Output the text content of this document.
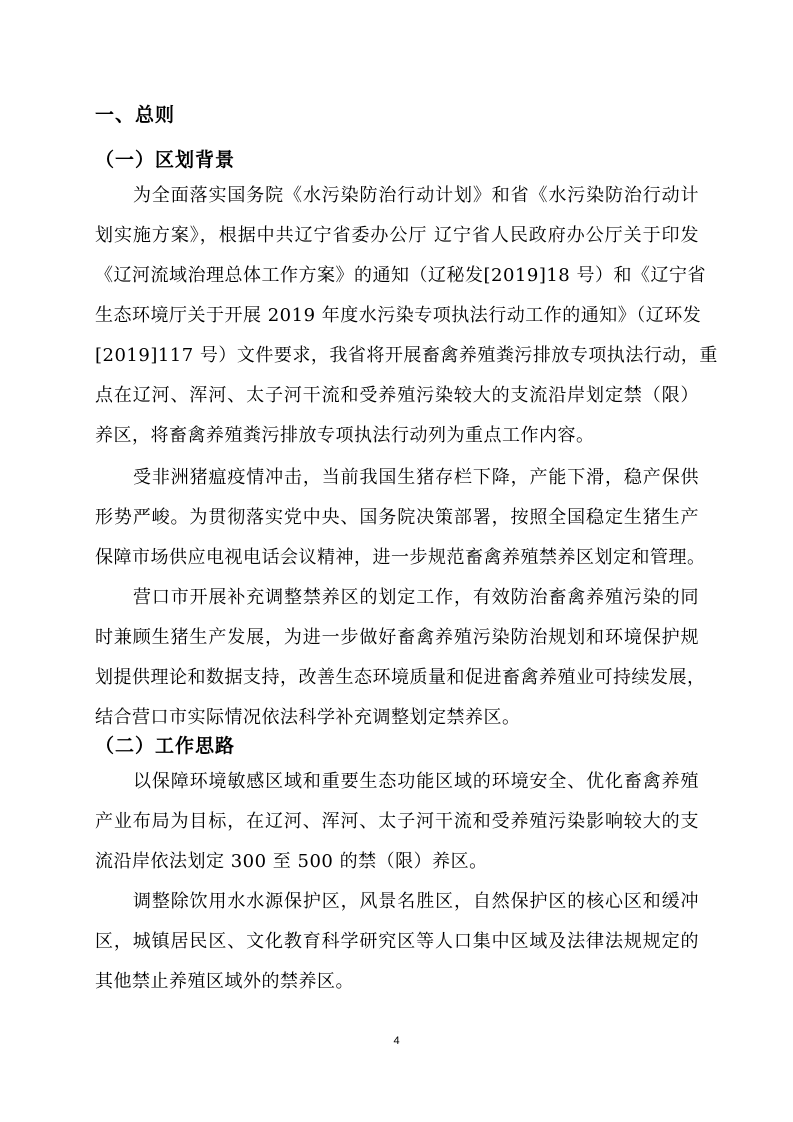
一、总则
（一）区划背景
为全面落实国务院《水污染防治行动计划》和省《水污染防治行动计
划实施方案》，根据中共辽宁省委办公厅 辽宁省人民政府办公厅关于印发
《辽河流域治理总体工作方案》的通知（辽秘发[2019]18 号）和《辽宁省
生态环境厅关于开展 2019 年度水污染专项执法行动工作的通知》（辽环发
[2019]117 号）文件要求，我省将开展畜禽养殖粪污排放专项执法行动，重
点在辽河、浑河、太子河干流和受养殖污染较大的支流沿岸划定禁（限）
养区，将畜禽养殖粪污排放专项执法行动列为重点工作内容。
受非洲猪瘟疫情冲击，当前我国生猪存栏下降，产能下滑，稳产保供
形势严峻。为贯彻落实党中央、国务院决策部署，按照全国稳定生猪生产
保障市场供应电视电话会议精神，进一步规范畜禽养殖禁养区划定和管理。
营口市开展补充调整禁养区的划定工作，有效防治畜禽养殖污染的同
时兼顾生猪生产发展，为进一步做好畜禽养殖污染防治规划和环境保护规
划提供理论和数据支持，改善生态环境质量和促进畜禽养殖业可持续发展，
结合营口市实际情况依法科学补充调整划定禁养区。
（二）工作思路
以保障环境敏感区域和重要生态功能区域的环境安全、优化畜禽养殖
产业布局为目标，在辽河、浑河、太子河干流和受养殖污染影响较大的支
流沿岸依法划定 300 至 500 的禁（限）养区。
调整除饮用水水源保护区，风景名胜区，自然保护区的核心区和缓冲
区，城镇居民区、文化教育科学研究区等人口集中区域及法律法规规定的
其他禁止养殖区域外的禁养区。
4
